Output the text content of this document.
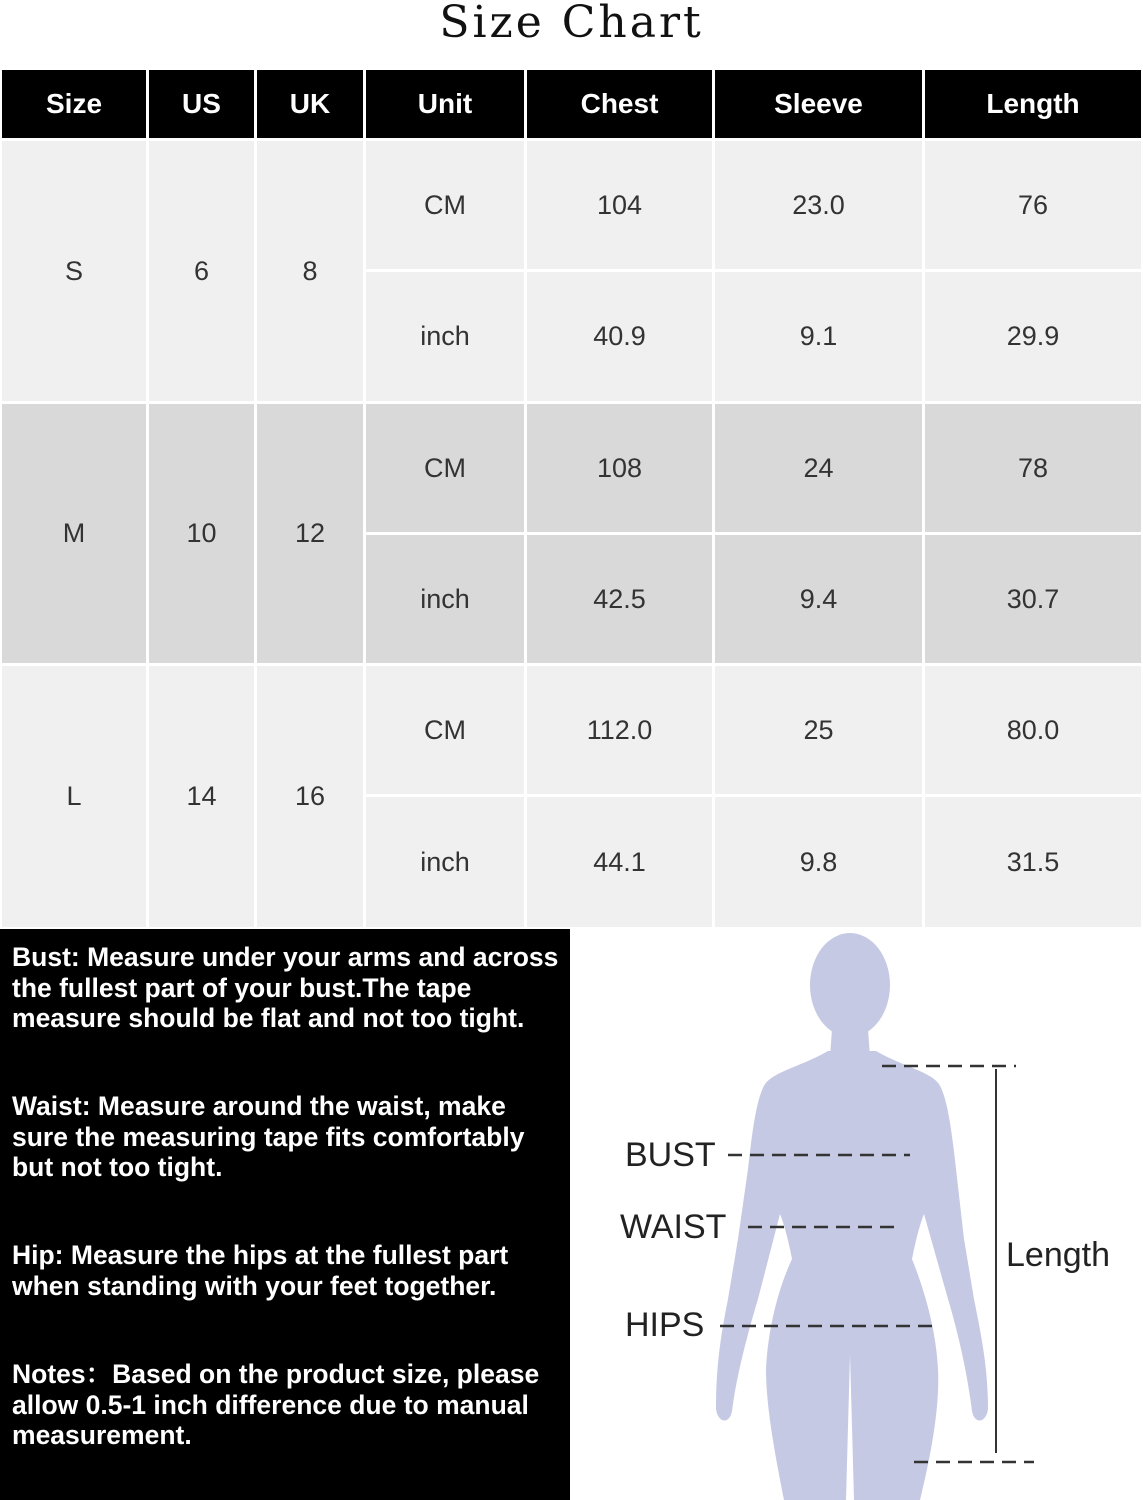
Size Chart
Size	US	UK	Unit	Chest	Sleeve	Length
S	6	8
CM	104	23.0	76
inch	40.9	9.1	29.9
M	10	12
CM	108	24	78
inch	42.5	9.4	30.7
L	14	16
CM	112.0	25	80.0
inch	44.1	9.8	31.5
Bust: Measure under your arms and across the fullest part of your bust.The tape measure should be flat and not too tight.
Waist: Measure around the waist, make sure the measuring tape fits comfortably but not too tight.
Hip: Measure the hips at the fullest part when standing with your feet together.
Notes：Based on the product size, please allow 0.5-1 inch difference due to manual measurement.
BUST
WAIST
HIPS
Length
